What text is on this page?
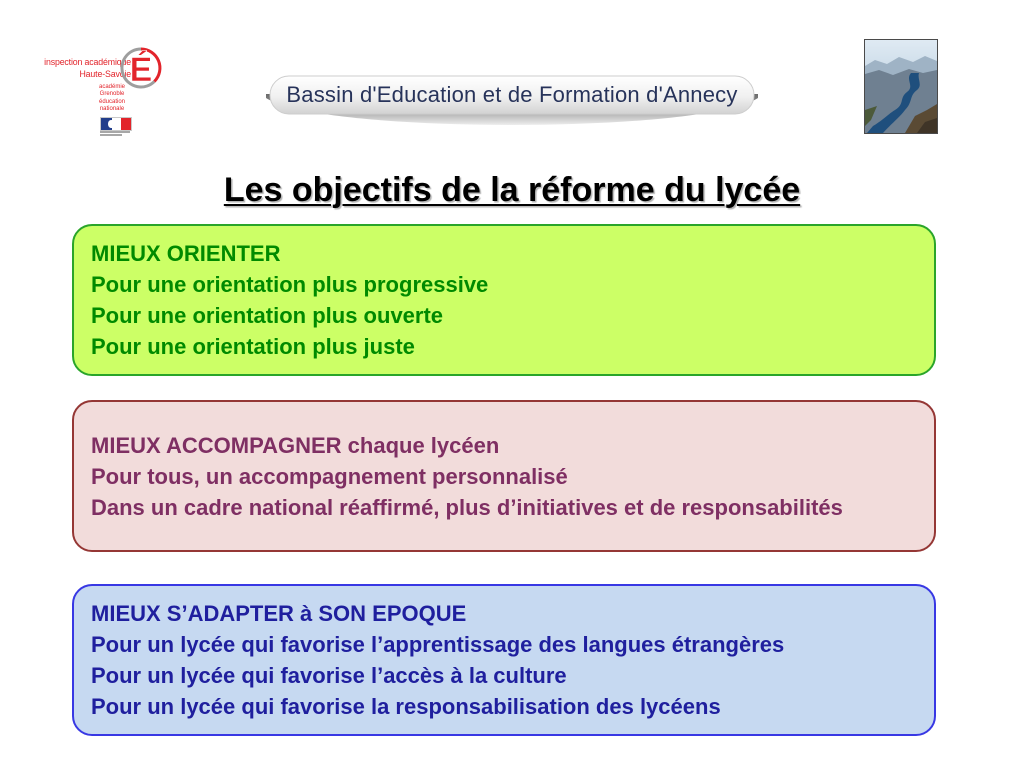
inspection académique
Haute-Savoie
É
académie
Grenoble
éducation
nationale
Bassin d'Education et de Formation d'Annecy
Les objectifs de la réforme du lycée
MIEUX ORIENTER
Pour une orientation plus progressive
Pour une orientation plus ouverte
Pour une orientation plus juste
MIEUX ACCOMPAGNER chaque lycéen
Pour tous, un accompagnement personnalisé
Dans un cadre national réaffirmé, plus d’initiatives et de responsabilités
MIEUX S’ADAPTER à SON EPOQUE
Pour un lycée qui favorise l’apprentissage des langues étrangères
Pour un lycée qui favorise l’accès à la culture
Pour un lycée qui favorise la responsabilisation des lycéens
